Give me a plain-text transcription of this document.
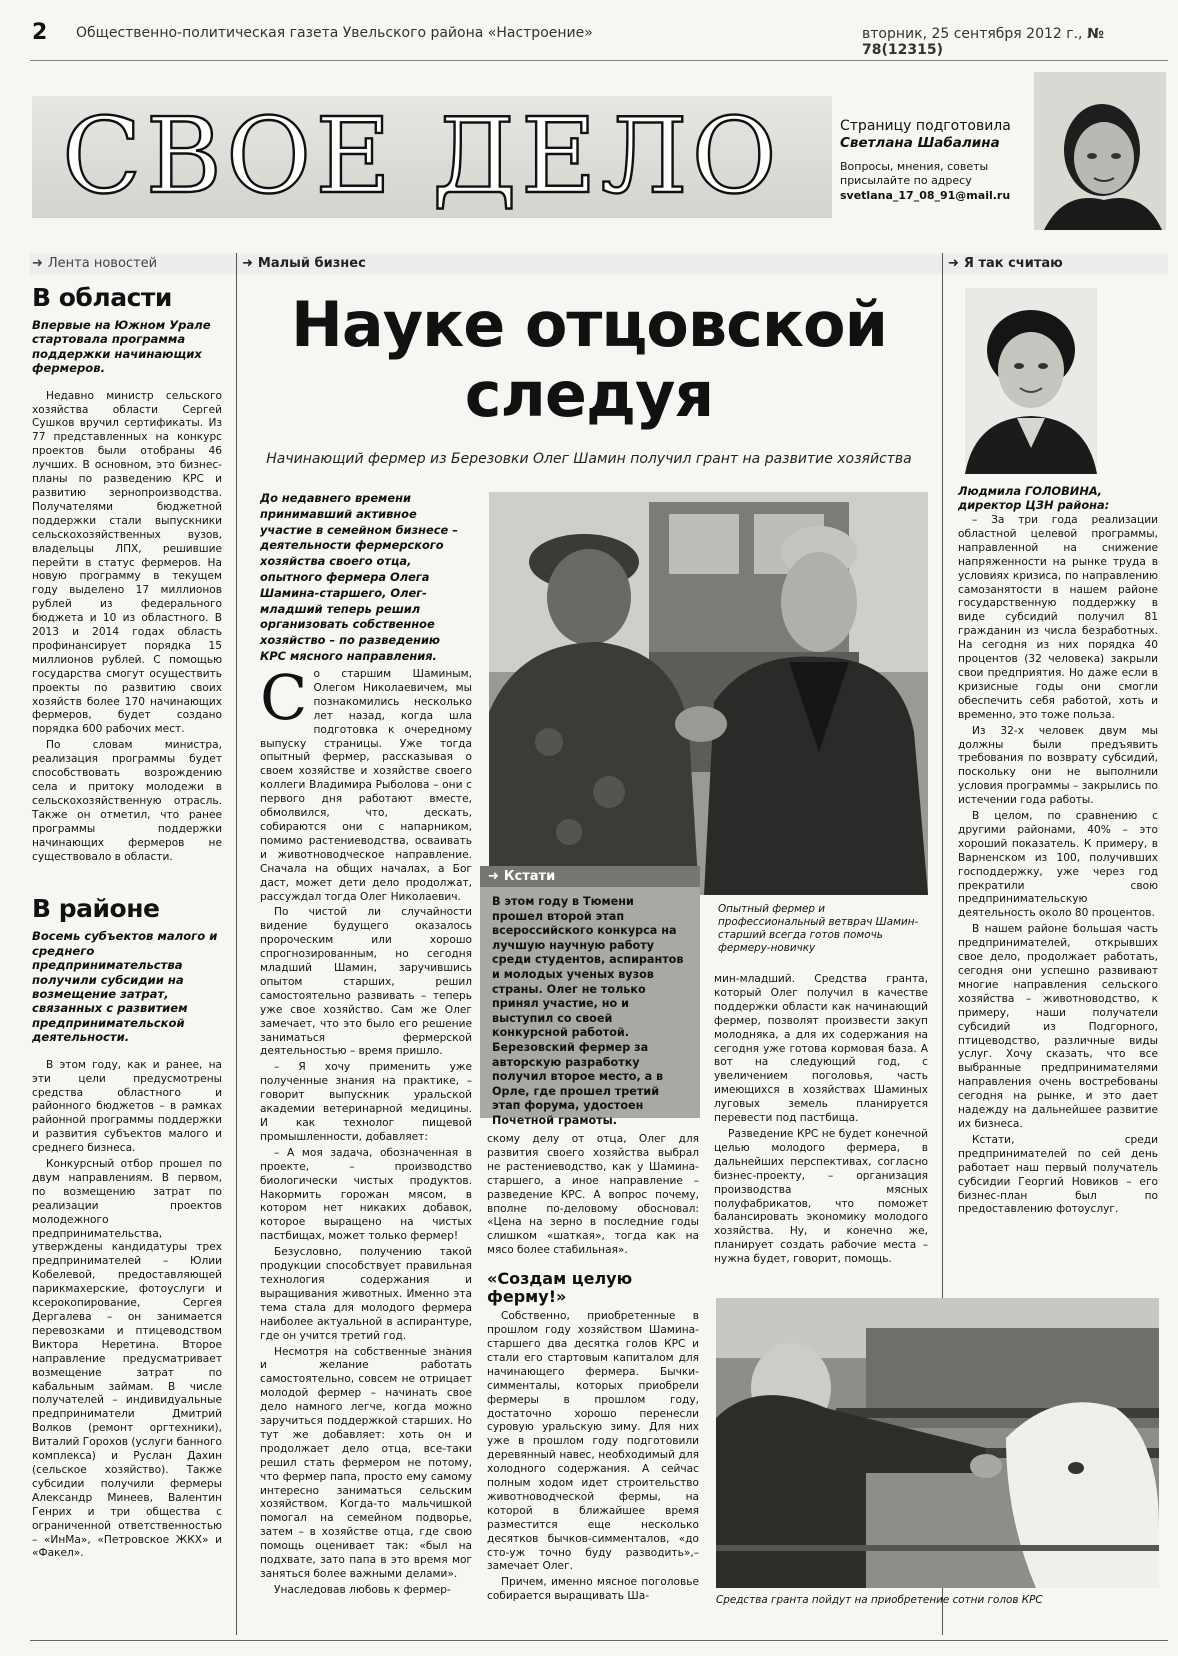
2 Общественно-политическая газета Увельского района «Настроение»	вторник, 25 сентября 2012 г., № 78(12315)
СВОЕ ДЕЛО	Страницу подготовила
Светлана Шабалина
Вопросы, мнения, советы присылайте по адресу
svetlana_17_08_91@mail.ru
➜ Лента новостей	➜ Малый бизнес	➜ Я так считаю
В области
Впервые на Южном Урале стартовала программа поддержки начинающих фермеров.

Недавно министр сельского хозяйства области Сергей Сушков вручил сертификаты. Из 77 представленных на конкурс проектов были отобраны 46 лучших. В основном, это бизнес-планы по разведению КРС и развитию зернопроизводства. Получателями бюджетной поддержки стали выпускники сельскохозяйственных вузов, владельцы ЛПХ, решившие перейти в статус фермеров. На новую программу в текущем году выделено 17 миллионов рублей из федерального бюджета и 10 из областного. В 2013 и 2014 годах область профинансирует порядка 15 миллионов рублей. С помощью государства смогут осуществить проекты по развитию своих хозяйств более 170 начинающих фермеров, будет создано порядка 600 рабочих мест.

По словам министра, реализация программы будет способствовать возрождению села и притоку молодежи в сельскохозяйственную отрасль. Также он отметил, что ранее программы поддержки начинающих фермеров не существовало в области.

В районе
Восемь субъектов малого и среднего предпринимательства получили субсидии на возмещение затрат, связанных с развитием предпринимательской деятельности.

В этом году, как и ранее, на эти цели предусмотрены средства областного и районного бюджетов – в рамках районной программы поддержки и развития субъектов малого и среднего бизнеса.

Конкурсный отбор прошел по двум направлениям. В первом, по возмещению затрат по реализации проектов молодежного предпринимательства, утверждены кандидатуры трех предпринимателей – Юлии Кобелевой, предоставляющей парикмахерские, фотоуслуги и ксерокопирование, Сергея Дергалева – он занимается перевозками и птицеводством Виктора Неретина. Второе направление предусматривает возмещение затрат по кабальным займам. В числе получателей – индивидуальные предприниматели Дмитрий Волков (ремонт оргтехники), Виталий Горохов (услуги банного комплекса) и Руслан Дахин (сельское хозяйство). Также субсидии получили фермеры Александр Минеев, Валентин Генрих и три общества с ограниченной ответственностью – «ИнМа», «Петровское ЖКХ» и «Факел».

Науке отцовской
следуя
Начинающий фермер из Березовки Олег Шамин получил грант на развитие хозяйства
До недавнего времени принимавший активное участие в семейном бизнесе – деятельности фермерского хозяйства своего отца, опытного фермера Олега Шамина-старшего, Олег-младший теперь решил организовать собственное хозяйство – по разведению КРС мясного направления.
Опытный фермер и профессиональный ветврач Шамин-старший всегда готов помочь фермеру-новичку
С о старшим Шаминым, Олегом Николаевичем, мы познакомились несколько лет назад, когда шла подготовка к очередному выпуску страницы. Уже тогда опытный фермер, рассказывая о своем хозяйстве и хозяйстве своего коллеги Владимира Рыболова – они с первого дня работают вместе, обмолвился, что, дескать, собираются они с напарником, помимо растениеводства, осваивать и животноводческое направление. Сначала на общих началах, а Бог даст, может дети дело продолжат, рассуждал тогда Олег Николаевич.

По чистой ли случайности видение будущего оказалось пророческим или хорошо спрогнозированным, но сегодня младший Шамин, заручившись опытом старших, решил самостоятельно развивать – теперь уже свое хозяйство. Сам же Олег замечает, что это было его решение заниматься фермерской деятельностью – время пришло.

– Я хочу применить уже полученные знания на практике, – говорит выпускник уральской академии ветеринарной медицины. И как технолог пищевой промышленности, добавляет:

– А моя задача, обозначенная в проекте, – производство биологически чистых продуктов. Накормить горожан мясом, в котором нет никаких добавок, которое выращено на чистых пастбищах, может только фермер!

Безусловно, получению такой продукции способствует правильная технология содержания и выращивания животных. Именно эта тема стала для молодого фермера наиболее актуальной в аспирантуре, где он учится третий год.

Несмотря на собственные знания и желание работать самостоятельно, совсем не отрицает молодой фермер – начинать свое дело намного легче, когда можно заручиться поддержкой старших. Но тут же добавляет: хоть он и продолжает дело отца, все-таки решил стать фермером не потому, что фермер папа, просто ему самому интересно заниматься сельским хозяйством. Когда-то мальчишкой помогал на семейном подворье, затем – в хозяйстве отца, где свою помощь оценивает так: «был на подхвате, зато папа в это время мог заняться более важными делами».

Унаследовав любовь к фермер-

➜ Кстати
В этом году в Тюмени прошел второй этап всероссийского конкурса на лучшую научную работу среди студентов, аспирантов и молодых ученых вузов страны. Олег не только принял участие, но и выступил со своей конкурсной работой. Березовский фермер за авторскую разработку получил второе место, а в Орле, где прошел третий этап форума, удостоен Почетной грамоты.

скому делу от отца, Олег для развития своего хозяйства выбрал не растениеводство, как у Шамина-старшего, а иное направление – разведение КРС. А вопрос почему, вполне по-деловому обосновал: «Цена на зерно в последние годы слишком «шаткая», тогда как на мясо более стабильная».

«Создам целую ферму!»

Собственно, приобретенные в прошлом году хозяйством Шамина-старшего два десятка голов КРС и стали его стартовым капиталом для начинающего фермера. Бычки-симменталы, которых приобрели фермеры в прошлом году, достаточно хорошо перенесли суровую уральскую зиму. Для них уже в прошлом году подготовили деревянный навес, необходимый для холодного содержания. А сейчас полным ходом идет строительство животноводческой фермы, на которой в ближайшее время разместится еще несколько десятков бычков-симменталов, «до сто-уж точно буду разводить»,– замечает Олег.

Причем, именно мясное поголовье собирается выращивать Ша-

мин-младший. Средства гранта, который Олег получил в качестве поддержки области как начинающий фермер, позволят произвести закуп молодняка, а для их содержания на сегодня уже готова кормовая база. А вот на следующий год, с увеличением поголовья, часть имеющихся в хозяйствах Шаминых луговых земель планируется перевести под пастбища.

Разведение КРС не будет конечной целью молодого фермера, в дальнейших перспективах, согласно бизнес-проекту, – организация производства мясных полуфабрикатов, что поможет балансировать экономику молодого хозяйства. Ну, и конечно же, планирует создать рабочие места – нужна будет, говорит, помощь.

Средства гранта пойдут на приобретение сотни голов КРС
Людмила ГОЛОВИНА,
директор ЦЗН района:

– За три года реализации областной целевой программы, направленной на снижение напряженности на рынке труда в условиях кризиса, по направлению самозанятости в нашем районе государственную поддержку в виде субсидий получил 81 гражданин из числа безработных. На сегодня из них порядка 40 процентов (32 человека) закрыли свои предприятия. Но даже если в кризисные годы они смогли обеспечить себя работой, хоть и временно, это тоже польза.

Из 32-х человек двум мы должны были предъявить требования по возврату субсидий, поскольку они не выполнили условия программы – закрылись по истечении года работы.

В целом, по сравнению с другими районами, 40% – это хороший показатель. К примеру, в Варненском из 100, получивших господдержку, уже через год прекратили свою предпринимательскую деятельность около 80 процентов.

В нашем районе большая часть предпринимателей, открывших свое дело, продолжает работать, сегодня они успешно развивают многие направления сельского хозяйства – животноводство, к примеру, наши получатели субсидий из Подгорного, птицеводство, различные виды услуг. Хочу сказать, что все выбранные предпринимателями направления очень востребованы сегодня на рынке, и это дает надежду на дальнейшее развитие их бизнеса.

Кстати, среди предпринимателей по сей день работает наш первый получатель субсидии Георгий Новиков – его бизнес-план был по предоставлению фотоуслуг.
